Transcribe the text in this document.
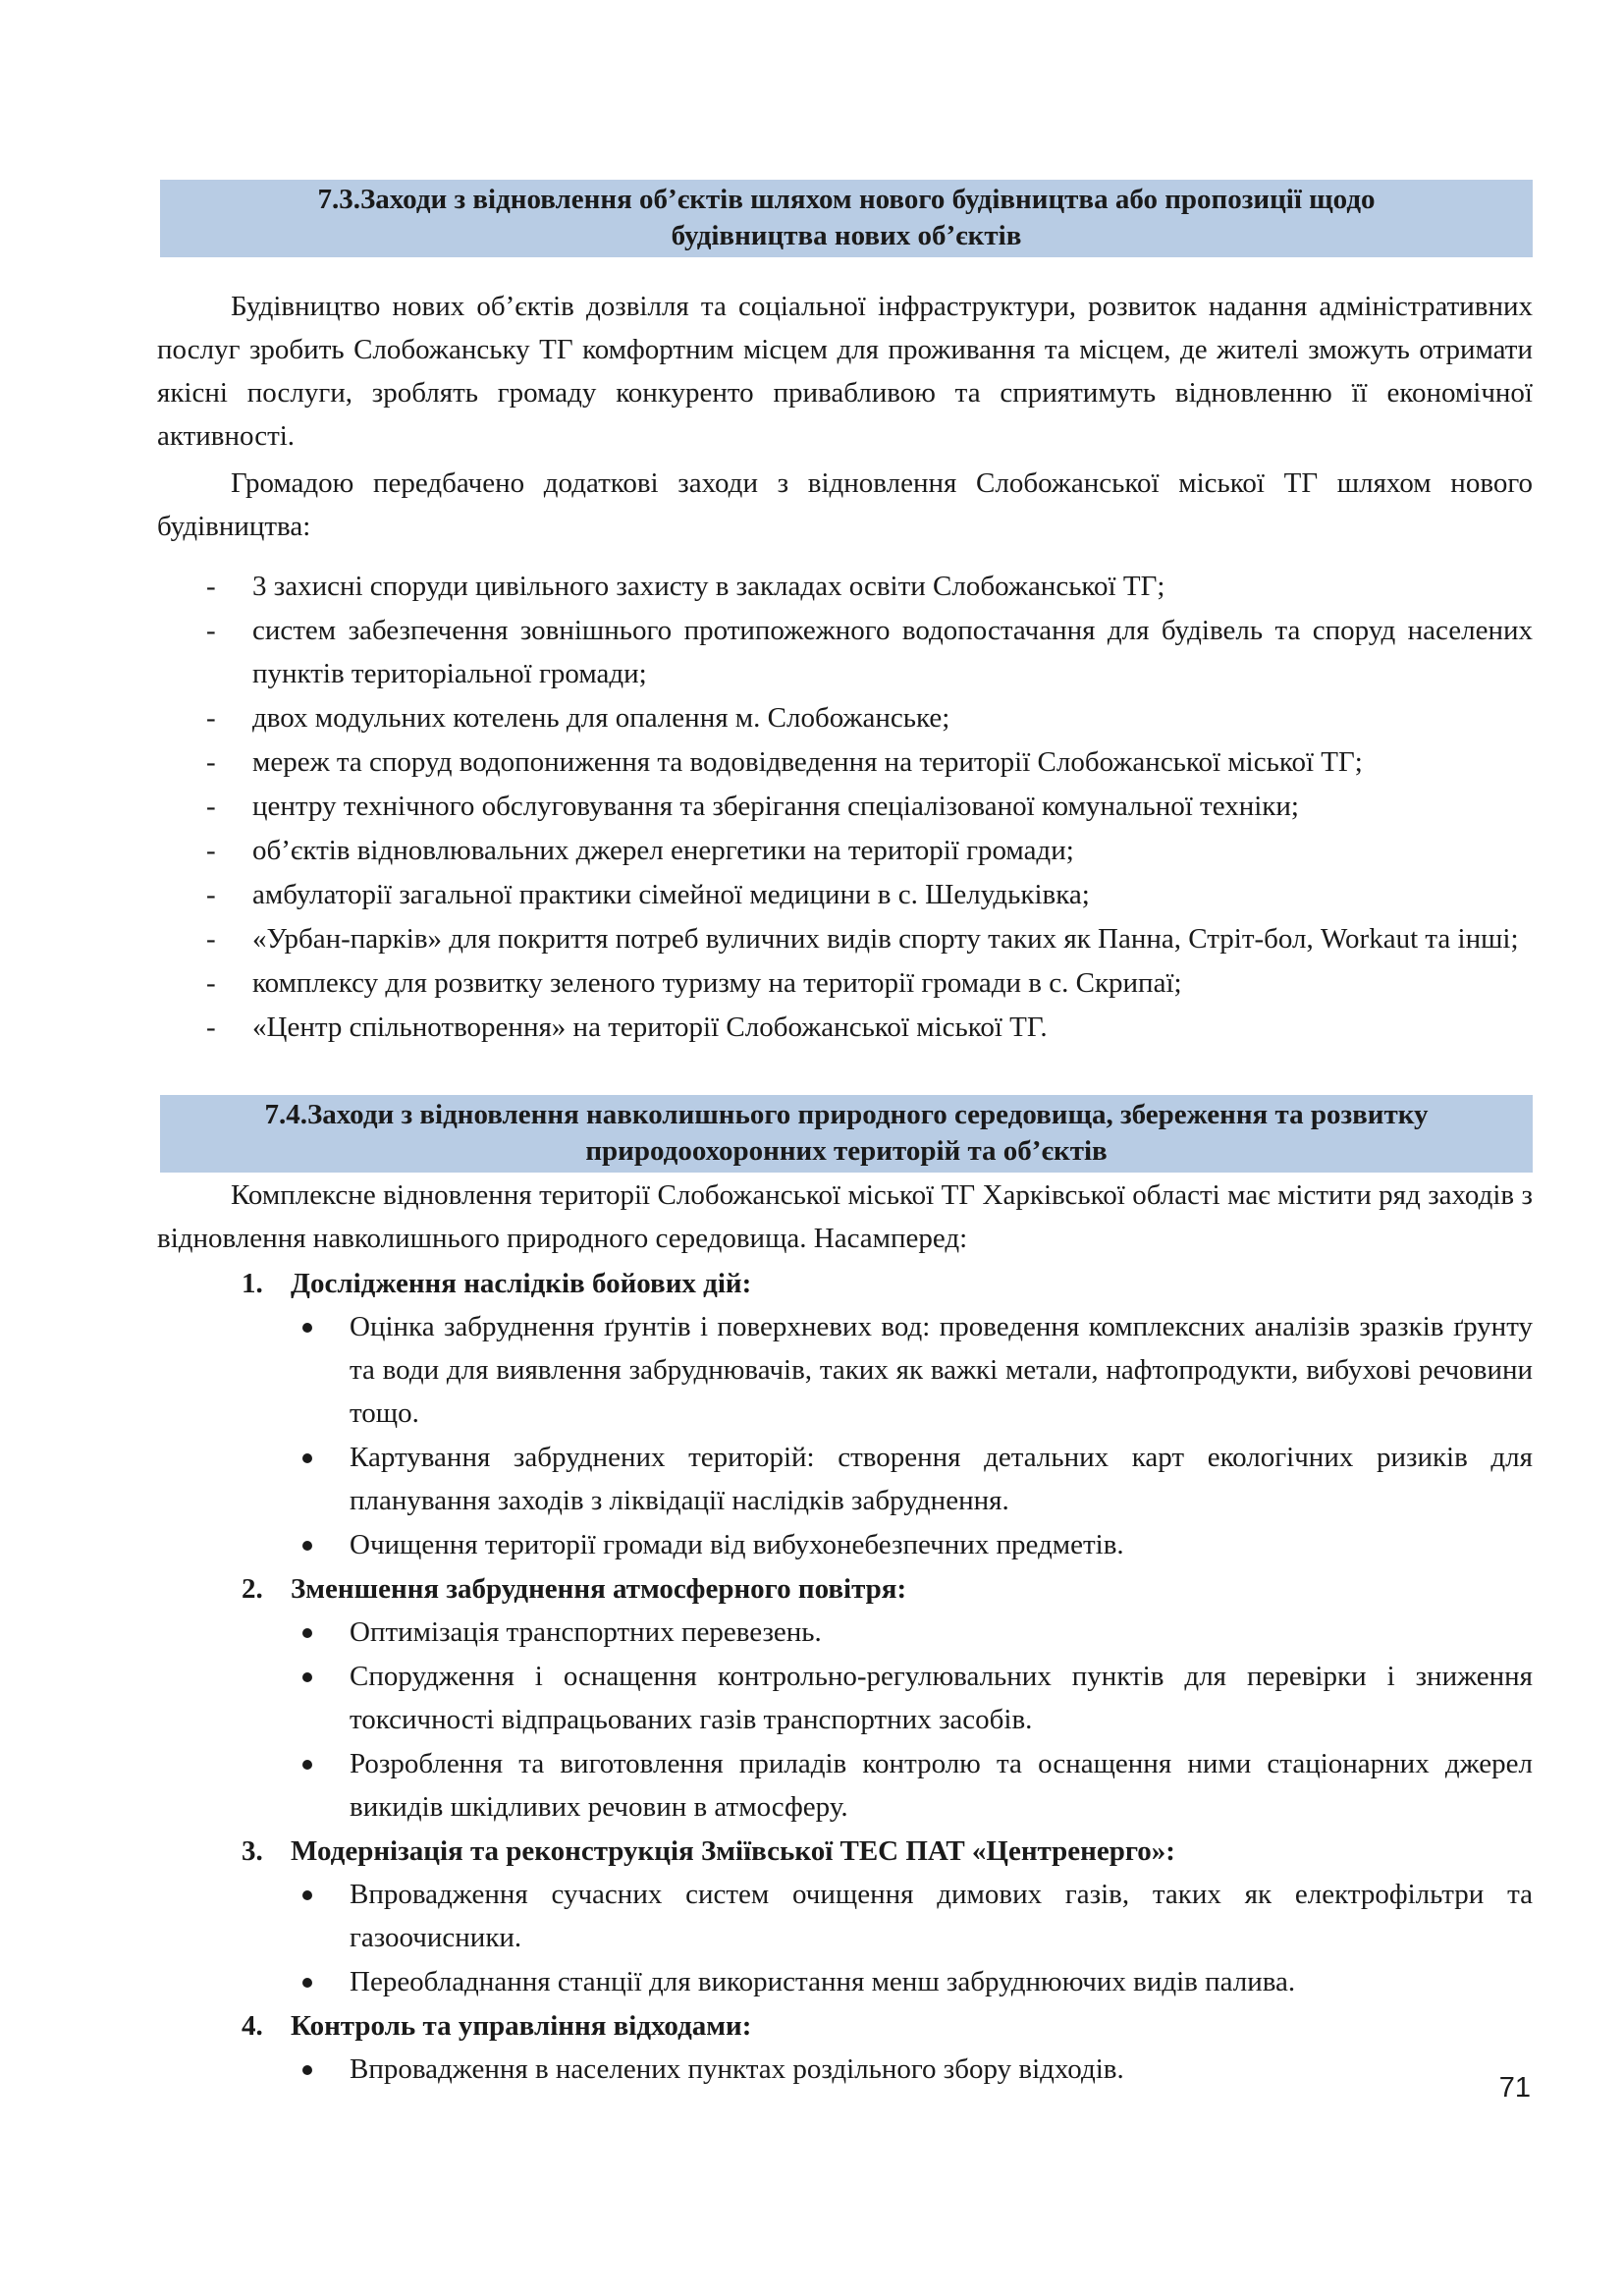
7.3.Заходи з відновлення об’єктів шляхом нового будівництва або пропозиції щодо
будівництва нових об’єктів

Будівництво нових об’єктів дозвілля та соціальної інфраструктури, розвиток надання адміністративних послуг зробить Слобожанську ТГ комфортним місцем для проживання та місцем, де жителі зможуть отримати якісні послуги, зроблять громаду конкуренто привабливою та сприятимуть відновленню її економічної активності.

Громадою передбачено додаткові заходи з відновлення Слобожанської міської ТГ шляхом нового будівництва:

- 3 захисні споруди цивільного захисту в закладах освіти Слобожанської ТГ;
- систем забезпечення зовнішнього протипожежного водопостачання для будівель та споруд населених пунктів територіальної громади;
- двох модульних котелень для опалення м. Слобожанське;
- мереж та споруд водопониження та водовідведення на території Слобожанської міської ТГ;
- центру технічного обслуговування та зберігання спеціалізованої комунальної техніки;
- об’єктів відновлювальних джерел енергетики на території громади;
- амбулаторії загальної практики сімейної медицини в с. Шелудьківка;
- «Урбан-парків» для покриття потреб вуличних видів спорту таких як Панна, Стріт-бол, Workaut та інші;
- комплексу для розвитку зеленого туризму на території громади в с. Скрипаї;
- «Центр спільнотворення» на території Слобожанської міської ТГ.
7.4.Заходи з відновлення навколишнього природного середовища, збереження та розвитку
природоохоронних територій та об’єктів

Комплексне відновлення території Слобожанської міської ТГ Харківської області має містити ряд заходів з відновлення навколишнього природного середовища. Насамперед:

1. Дослідження наслідків бойових дій:
Оцінка забруднення ґрунтів і поверхневих вод: проведення комплексних аналізів зразків ґрунту та води для виявлення забруднювачів, таких як важкі метали, нафтопродукти, вибухові речовини тощо.
Картування забруднених територій: створення детальних карт екологічних ризиків для планування заходів з ліквідації наслідків забруднення.
Очищення території громади від вибухонебезпечних предметів.
2. Зменшення забруднення атмосферного повітря:
Оптимізація транспортних перевезень.
Спорудження і оснащення контрольно-регулювальних пунктів для перевірки і зниження токсичності відпрацьованих газів транспортних засобів.
Розроблення та виготовлення приладів контролю та оснащення ними стаціонарних джерел викидів шкідливих речовин в атмосферу.
3. Модернізація та реконструкція Зміївської ТЕС ПАТ «Центренерго»:
Впровадження сучасних систем очищення димових газів, таких як електрофільтри та газоочисники.
Переобладнання станції для використання менш забруднюючих видів палива.
4. Контроль та управління відходами:
Впровадження в населених пунктах роздільного збору відходів.
71
